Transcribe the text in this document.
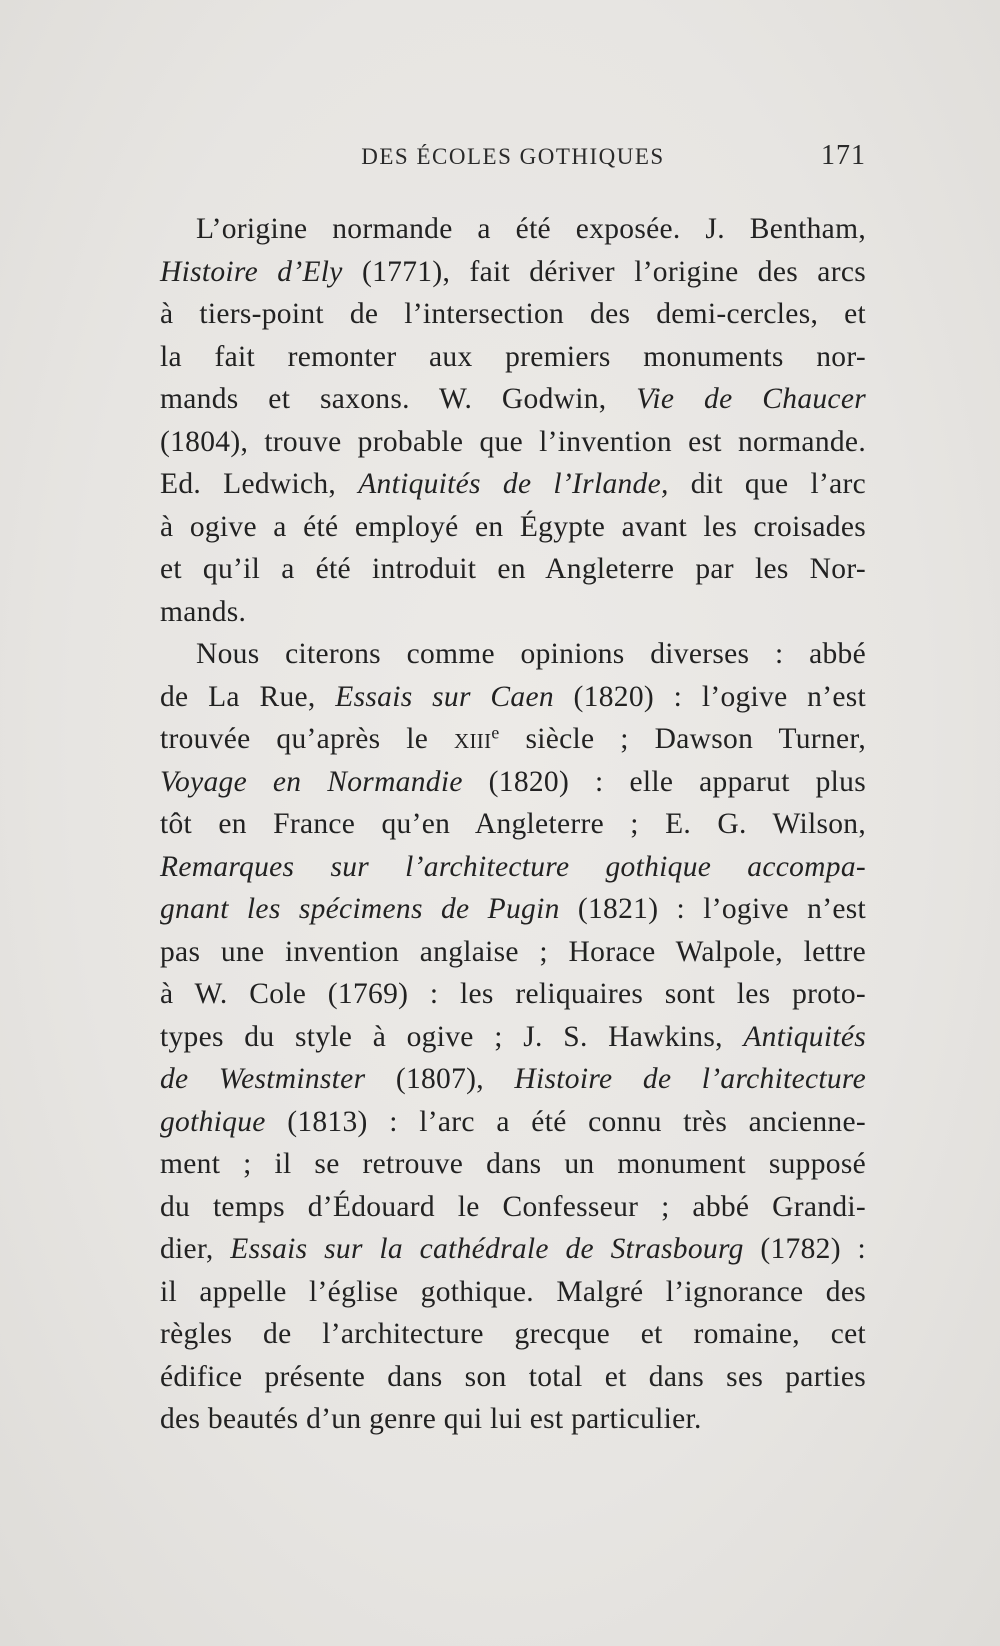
DES ÉCOLES GOTHIQUES	171
L’origine normande a été exposée. J. Bentham,
Histoire d’Ely (1771), fait dériver l’origine des arcs
à tiers-point de l’intersection des demi-cercles, et
la fait remonter aux premiers monuments nor-
mands et saxons. W. Godwin, Vie de Chaucer
(1804), trouve probable que l’invention est normande.
Ed. Ledwich, Antiquités de l’Irlande, dit que l’arc
à ogive a été employé en Égypte avant les croisades
et qu’il a été introduit en Angleterre par les Nor-
mands.
Nous citerons comme opinions diverses : abbé
de La Rue, Essais sur Caen (1820) : l’ogive n’est
trouvée qu’après le xiii$^e$ siècle ; Dawson Turner,
Voyage en Normandie (1820) : elle apparut plus
tôt en France qu’en Angleterre ; E. G. Wilson,
Remarques sur l’architecture gothique accompa-
gnant les spécimens de Pugin (1821) : l’ogive n’est
pas une invention anglaise ; Horace Walpole, lettre
à W. Cole (1769) : les reliquaires sont les proto-
types du style à ogive ; J. S. Hawkins, Antiquités
de Westminster (1807), Histoire de l’architecture
gothique (1813) : l’arc a été connu très ancienne-
ment ; il se retrouve dans un monument supposé
du temps d’Édouard le Confesseur ; abbé Grandi-
dier, Essais sur la cathédrale de Strasbourg (1782) :
il appelle l’église gothique. Malgré l’ignorance des
règles de l’architecture grecque et romaine, cet
édifice présente dans son total et dans ses parties
des beautés d’un genre qui lui est particulier.
